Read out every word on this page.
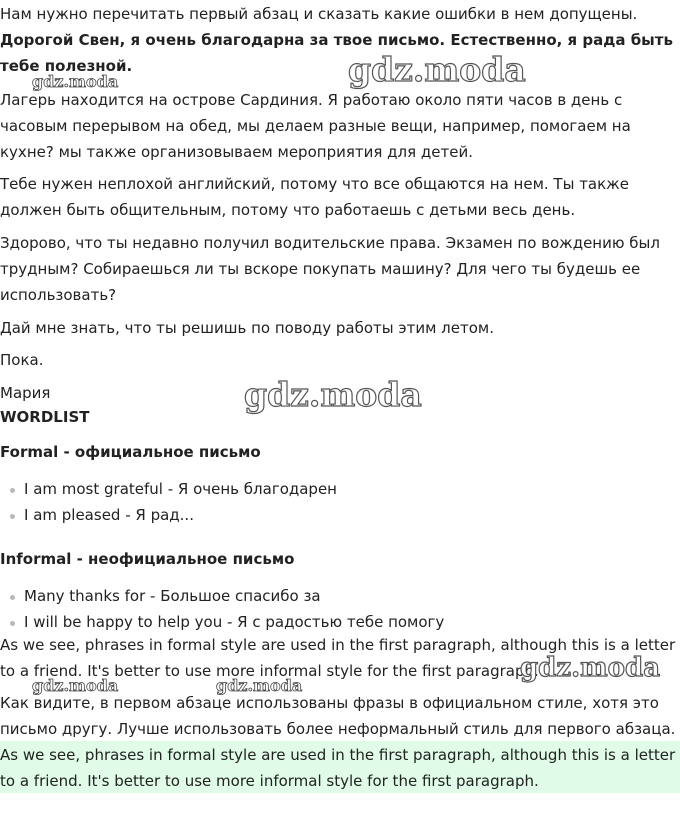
Нам нужно перечитать первый абзац и сказать какие ошибки в нем допущены.

Дорогой Свен, я очень благодарна за твое письмо. Естественно, я рада быть тебе полезной.

Лагерь находится на острове Сардиния. Я работаю около пяти часов в день с часовым перерывом на обед, мы делаем разные вещи, например, помогаем на кухне? мы также организовываем мероприятия для детей.

Тебе нужен неплохой английский, потому что все общаются на нем. Ты также должен быть общительным, потому что работаешь с детьми весь день.

Здорово, что ты недавно получил водительские права. Экзамен по вождению был трудным? Собираешься ли ты вскоре покупать машину? Для чего ты будешь ее использовать?

Дай мне знать, что ты решишь по поводу работы этим летом.

Пока.

Мария

WORDLIST

Formal - официальное письмо

I am most grateful - Я очень благодарен
I am pleased - Я рад...

Informal - неофициальное письмо

Many thanks for - Большое спасибо за
I will be happy to help you - Я с радостью тебе помогу

As we see, phrases in formal style are used in the first paragraph, although this is a letter to a friend. It's better to use more informal style for the first paragraph.

Как видите, в первом абзаце использованы фразы в официальном стиле, хотя это письмо другу. Лучше использовать более неформальный стиль для первого абзаца.

As we see, phrases in formal style are used in the first paragraph, although this is a letter to a friend. It's better to use more informal style for the first paragraph.

gdz.moda
gdz.moda
gdz.moda
gdz.moda
gdz.moda	gdz.moda
